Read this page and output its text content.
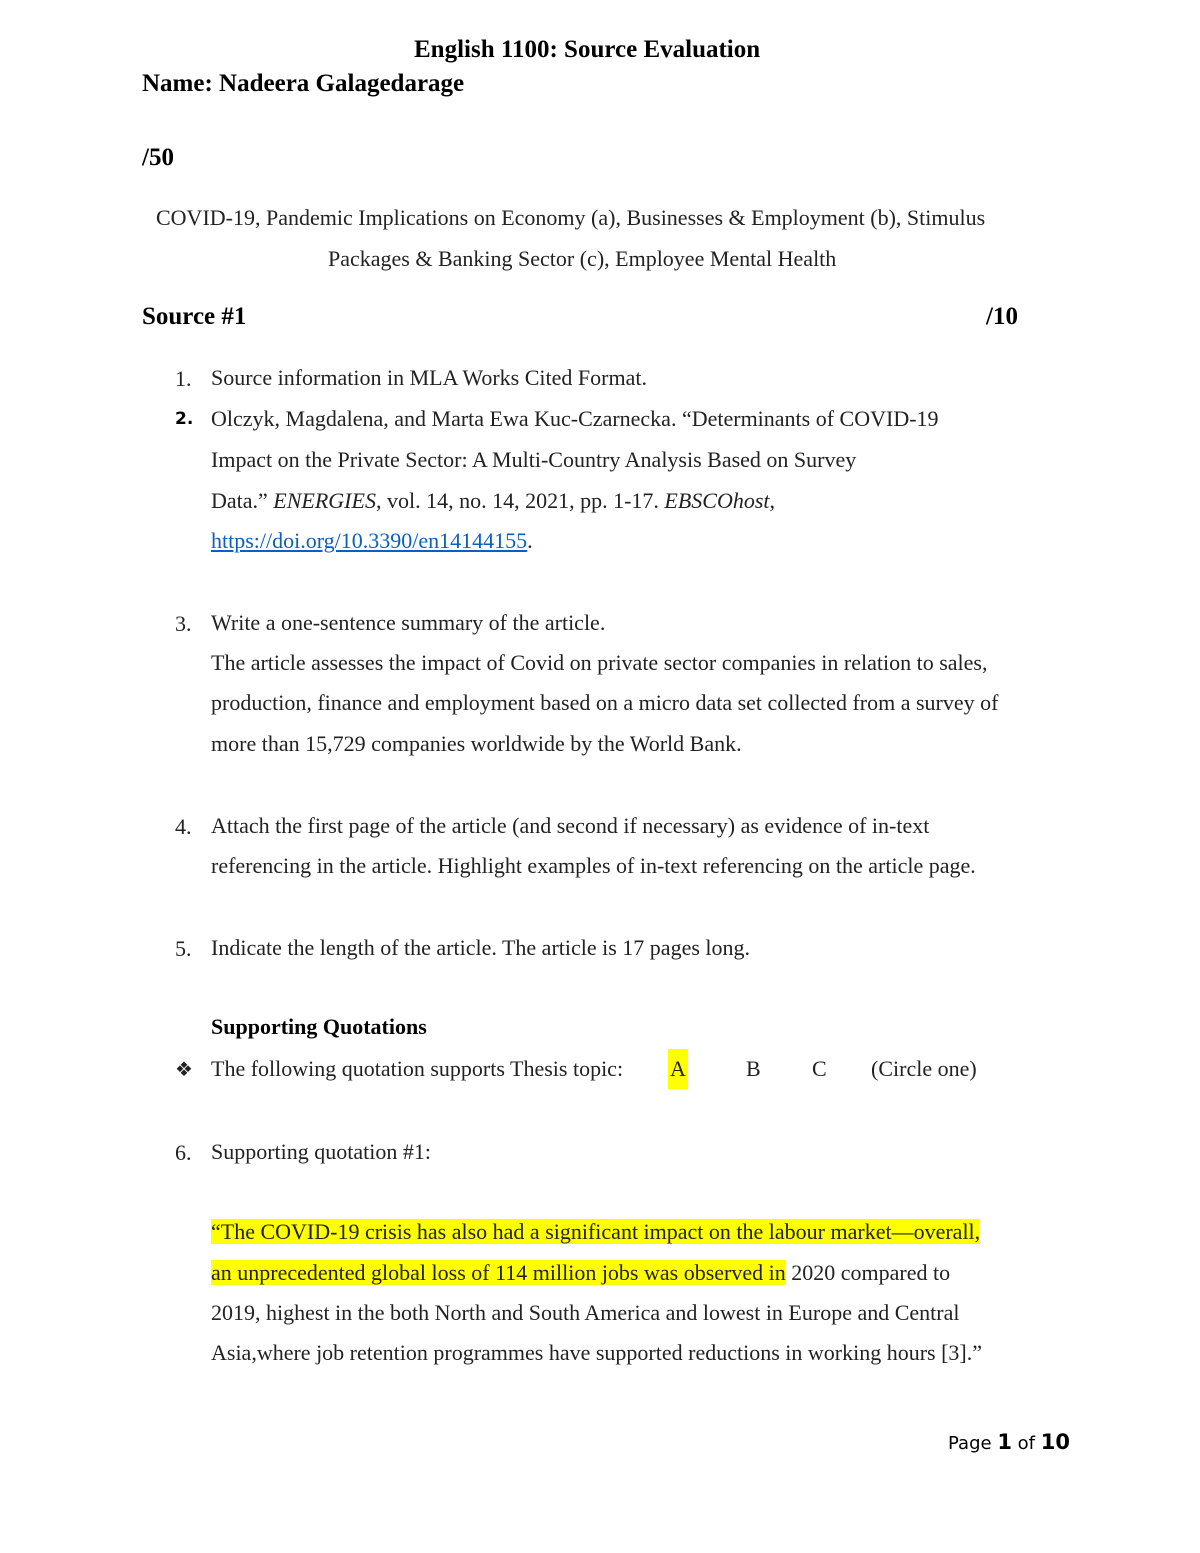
English 1100: Source Evaluation
Name: Nadeera Galagedarage
/50
COVID-19, Pandemic Implications on Economy (a), Businesses & Employment (b), Stimulus
Packages & Banking Sector (c), Employee Mental Health
Source #1	/10
1. Source information in MLA Works Cited Format.
2. Olczyk, Magdalena, and Marta Ewa Kuc-Czarnecka. “Determinants of COVID-19
Impact on the Private Sector: A Multi-Country Analysis Based on Survey
Data.” ENERGIES, vol. 14, no. 14, 2021, pp. 1-17. EBSCOhost,
https://doi.org/10.3390/en14144155.
3. Write a one-sentence summary of the article.
The article assesses the impact of Covid on private sector companies in relation to sales,
production, finance and employment based on a micro data set collected from a survey of
more than 15,729 companies worldwide by the World Bank.
4. Attach the first page of the article (and second if necessary) as evidence of in-text
referencing in the article. Highlight examples of in-text referencing on the article page.
5. Indicate the length of the article. The article is 17 pages long.
Supporting Quotations
❖ The following quotation supports Thesis topic: A	B C (Circle one)
6. Supporting quotation #1:
“The COVID-19 crisis has also had a significant impact on the labour market—overall,
an unprecedented global loss of 114 million jobs was observed in 2020 compared to
2019, highest in the both North and South America and lowest in Europe and Central
Asia,where job retention programmes have supported reductions in working hours [3].”
Page 1 of 10
